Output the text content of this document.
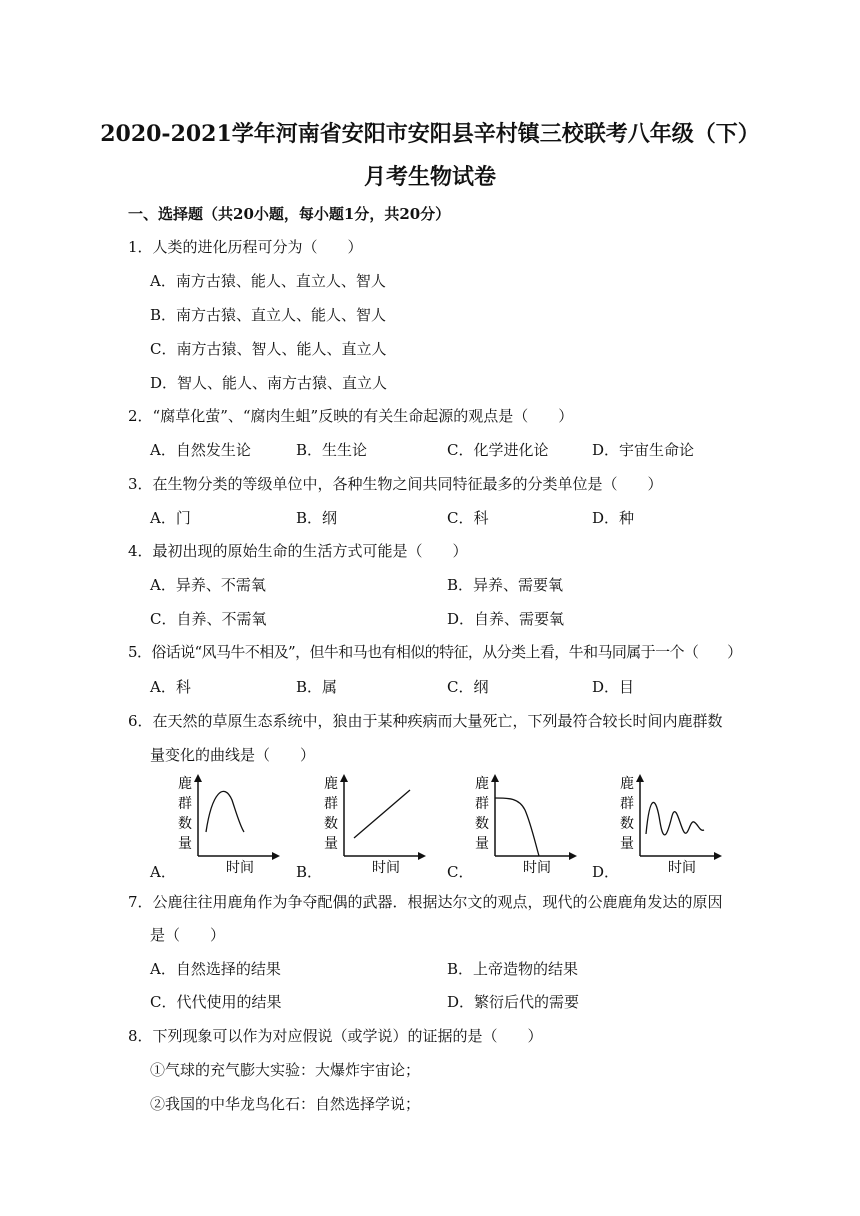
2020-2021学年河南省安阳市安阳县辛村镇三校联考八年级（下）
月考生物试卷
一、选择题（共20小题，每小题1分，共20分）
1．人类的进化历程可分为（　　）
A．南方古猿、能人、直立人、智人
B．南方古猿、直立人、能人、智人
C．南方古猿、智人、能人、直立人
D．智人、能人、南方古猿、直立人
2．“腐草化萤”、“腐肉生蛆”反映的有关生命起源的观点是（　　）
A．自然发生论	B．生生论	C．化学进化论	D．宇宙生命论
3．在生物分类的等级单位中，各种生物之间共同特征最多的分类单位是（　　）
A．门	B．纲	C．科	D．种
4．最初出现的原始生命的生活方式可能是（　　）
A．异养、不需氧	B．异养、需要氧
C．自养、不需氧	D．自养、需要氧
5．俗话说“风马牛不相及”，但牛和马也有相似的特征，从分类上看，牛和马同属于一个（　　）
A．科	B．属	C．纲	D．目
6．在天然的草原生态系统中，狼由于某种疾病而大量死亡，下列最符合较长时间内鹿群数
量变化的曲线是（　　）
A．	B．	C．	D．
鹿
群
数
量
时间
鹿
群
数
量
时间
鹿
群
数
量
时间
鹿
群
数
量
时间
7．公鹿往往用鹿角作为争夺配偶的武器．根据达尔文的观点，现代的公鹿鹿角发达的原因
是（　　）
A．自然选择的结果	B．上帝造物的结果
C．代代使用的结果	D．繁衍后代的需要
8．下列现象可以作为对应假说（或学说）的证据的是（　　）
①气球的充气膨大实验：大爆炸宇宙论；
②我国的中华龙鸟化石：自然选择学说；
